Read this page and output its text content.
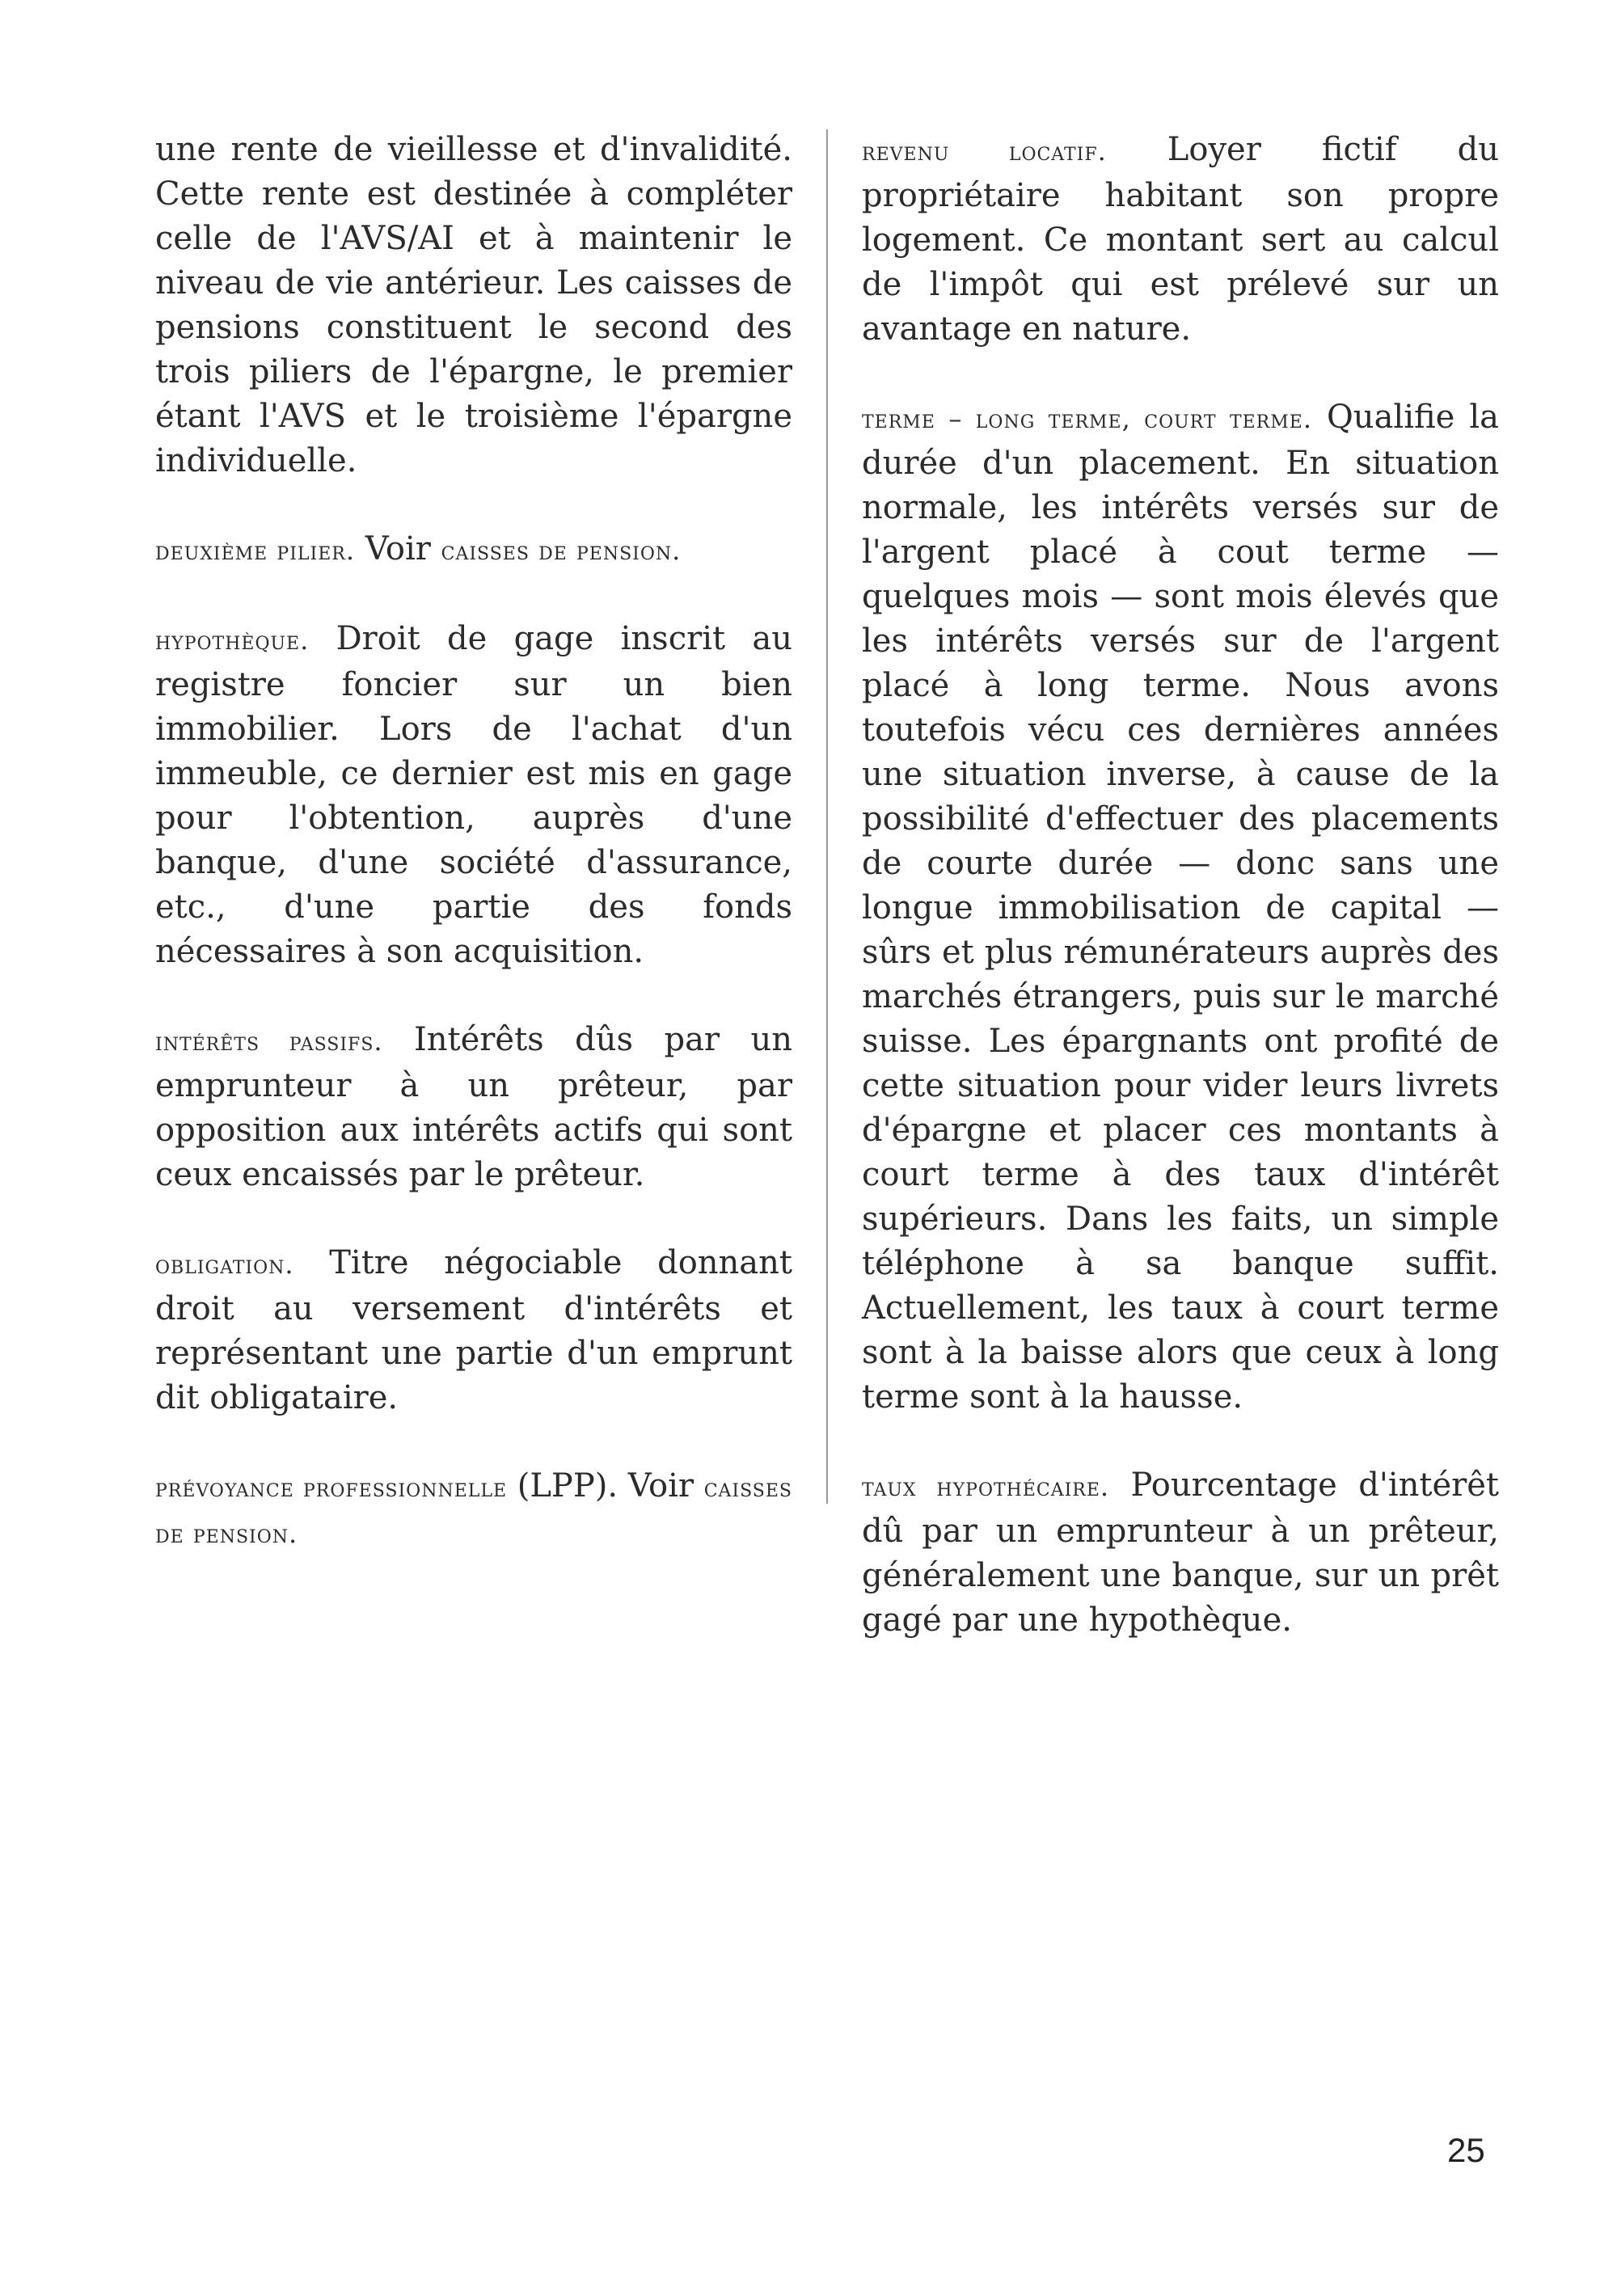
une rente de vieillesse et d'invalidité. Cette rente est destinée à compléter celle de l'AVS/AI et à maintenir le niveau de vie antérieur. Les caisses de pensions constituent le second des trois piliers de l'épargne, le premier étant l'AVS et le troisième l'épargne individuelle.

deuxième pilier. Voir caisses de pension.

hypothèque. Droit de gage inscrit au registre foncier sur un bien immobilier. Lors de l'achat d'un immeuble, ce dernier est mis en gage pour l'obtention, auprès d'une banque, d'une société d'assurance, etc., d'une partie des fonds nécessaires à son acquisition.

intérêts passifs. Intérêts dûs par un emprunteur à un prêteur, par opposition aux intérêts actifs qui sont ceux encaissés par le prêteur.

obligation. Titre négociable donnant droit au versement d'intérêts et représentant une partie d'un emprunt dit obligataire.

prévoyance professionnelle (LPP). Voir caisses de pension.

revenu locatif. Loyer fictif du propriétaire habitant son propre logement. Ce montant sert au calcul de l'impôt qui est prélevé sur un avantage en nature.

terme – long terme, court terme. Qualifie la durée d'un placement. En situation normale, les intérêts versés sur de l'argent placé à cout terme — quelques mois — sont mois élevés que les intérêts versés sur de l'argent placé à long terme. Nous avons toutefois vécu ces dernières années une situation inverse, à cause de la possibilité d'effectuer des placements de courte durée — donc sans une longue immobilisation de capital — sûrs et plus rémunérateurs auprès des marchés étrangers, puis sur le marché suisse. Les épargnants ont profité de cette situation pour vider leurs livrets d'épargne et placer ces montants à court terme à des taux d'intérêt supérieurs. Dans les faits, un simple téléphone à sa banque suffit. Actuellement, les taux à court terme sont à la baisse alors que ceux à long terme sont à la hausse.

taux hypothécaire. Pourcentage d'intérêt dû par un emprunteur à un prêteur, généralement une banque, sur un prêt gagé par une hypothèque.

25
